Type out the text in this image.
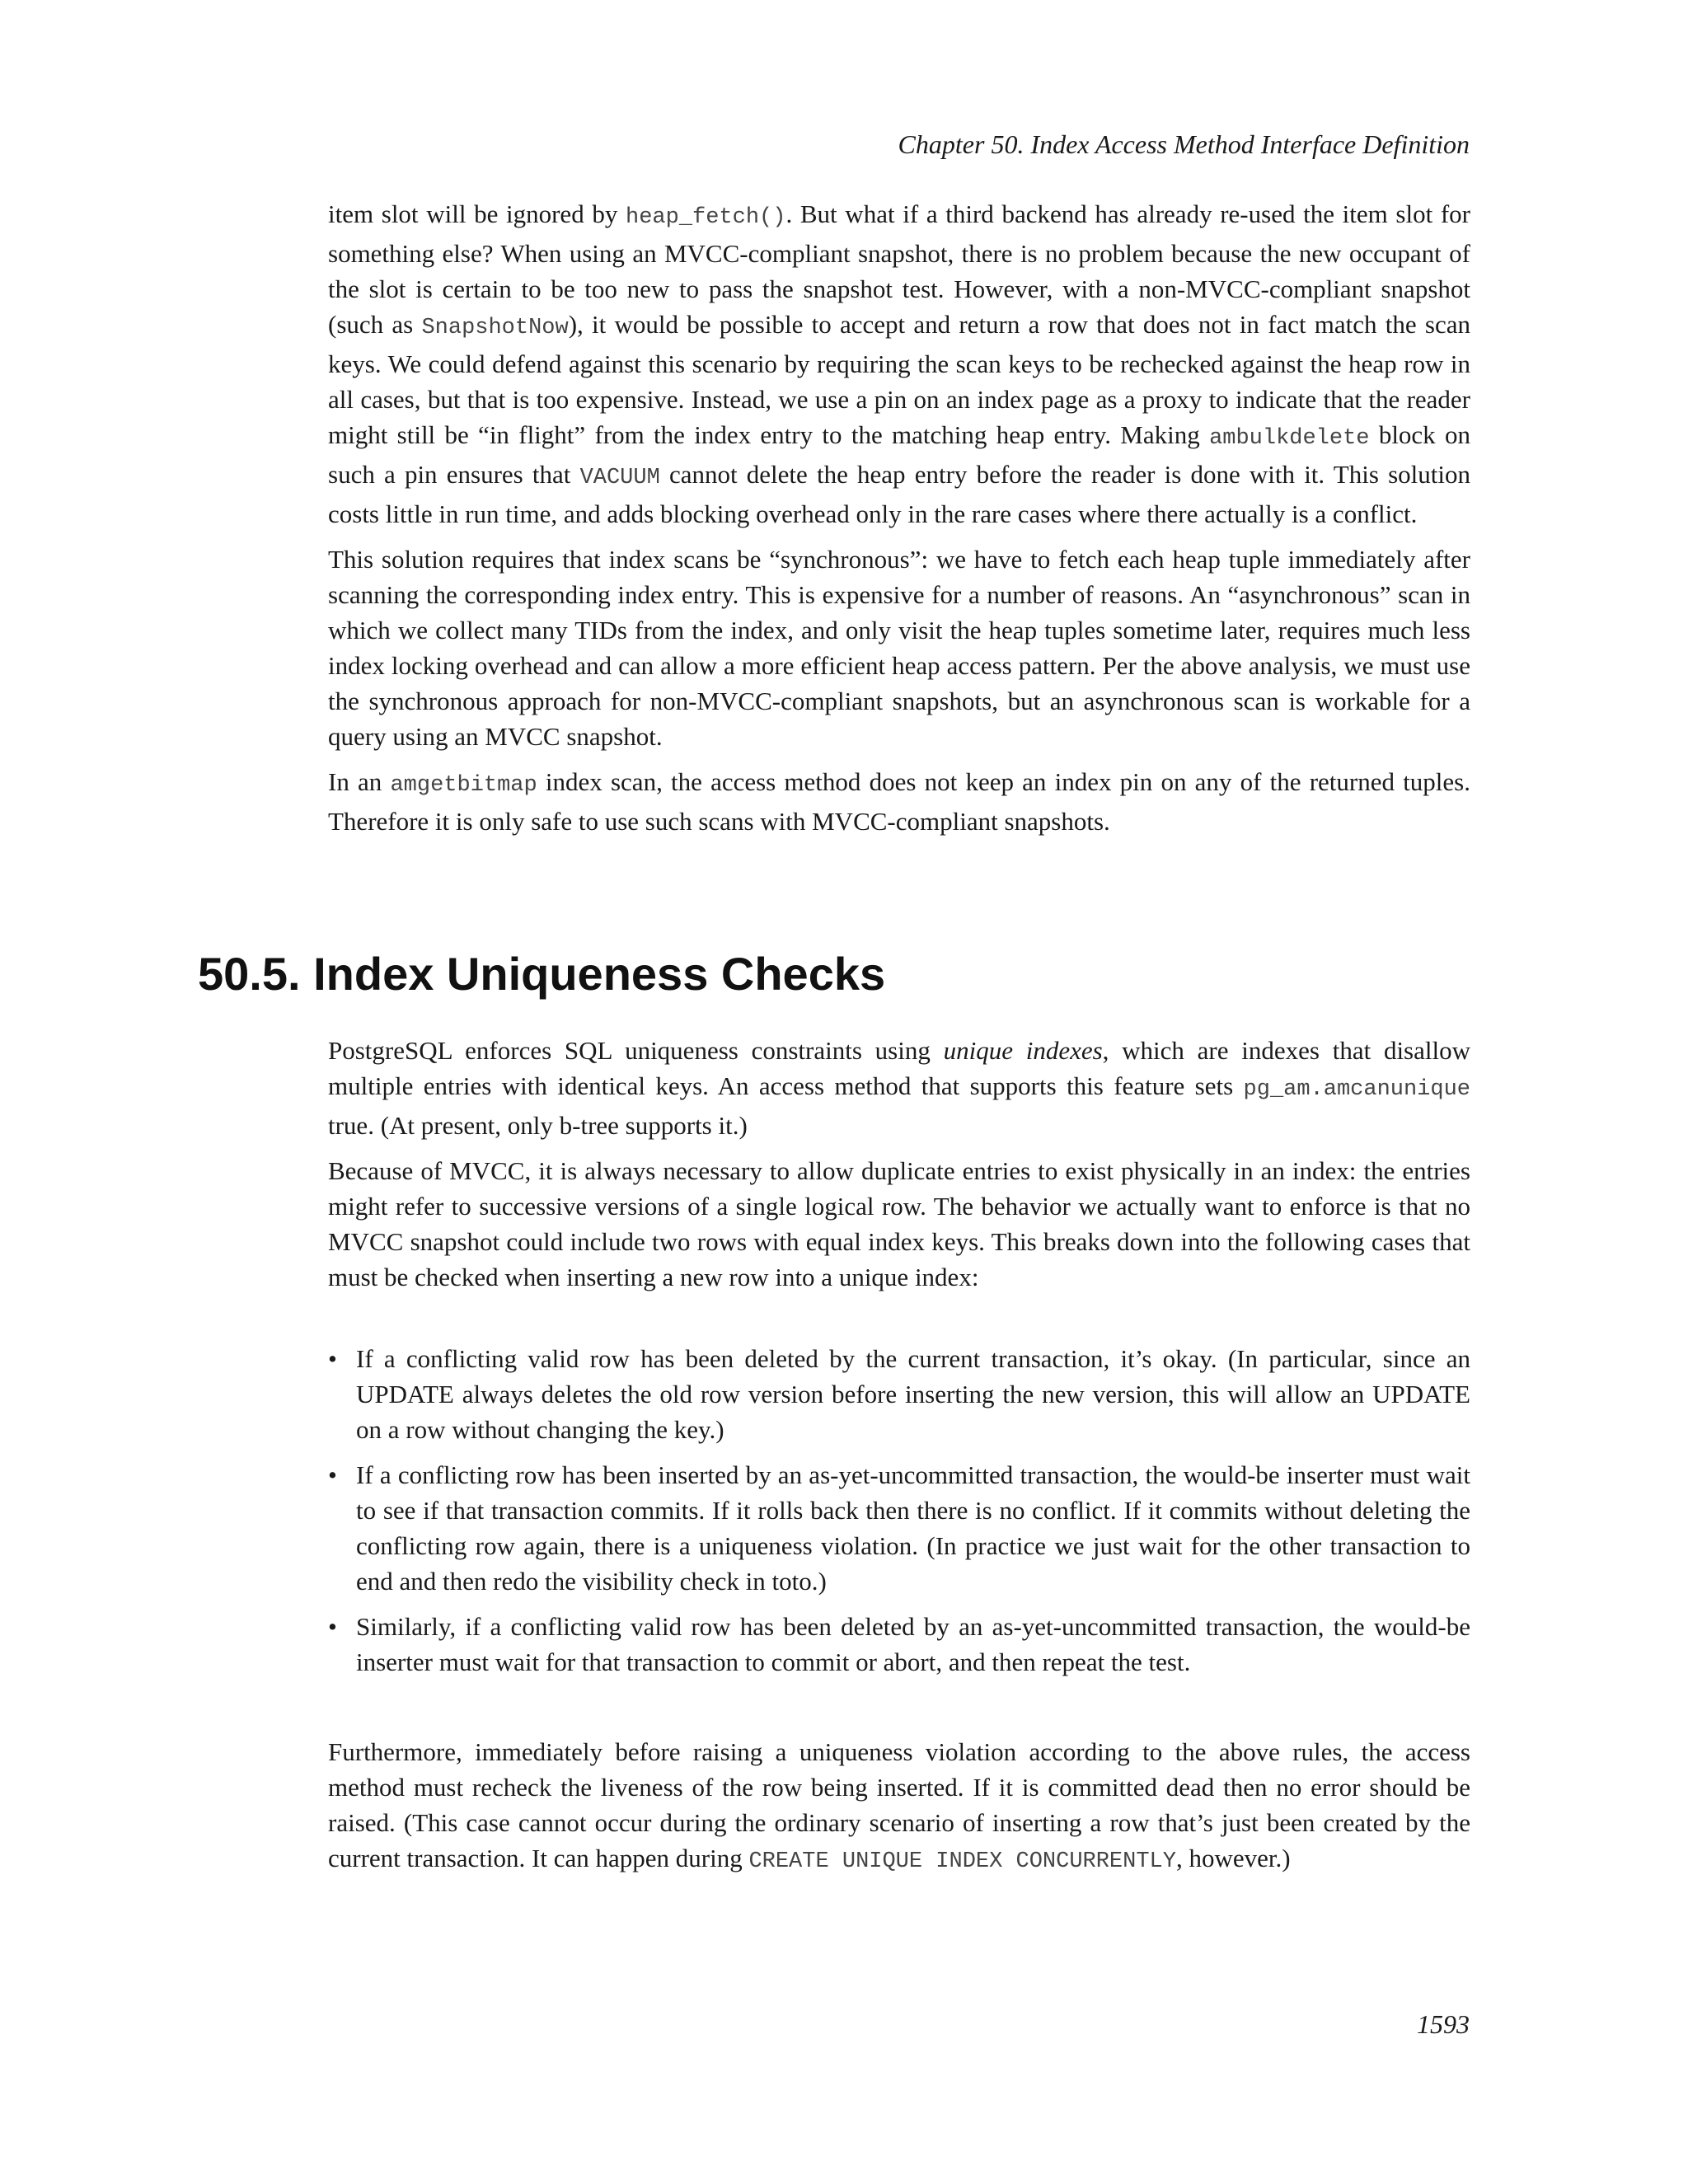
Chapter 50. Index Access Method Interface Definition

item slot will be ignored by heap_fetch(). But what if a third backend has already re-used the item slot for something else? When using an MVCC-compliant snapshot, there is no problem because the new occupant of the slot is certain to be too new to pass the snapshot test. However, with a non-MVCC-compliant snapshot (such as SnapshotNow), it would be possible to accept and return a row that does not in fact match the scan keys. We could defend against this scenario by requiring the scan keys to be rechecked against the heap row in all cases, but that is too expensive. Instead, we use a pin on an index page as a proxy to indicate that the reader might still be “in flight” from the index entry to the matching heap entry. Making ambulkdelete block on such a pin ensures that VACUUM cannot delete the heap entry before the reader is done with it. This solution costs little in run time, and adds blocking overhead only in the rare cases where there actually is a conflict.

This solution requires that index scans be “synchronous”: we have to fetch each heap tuple immediately after scanning the corresponding index entry. This is expensive for a number of reasons. An “asynchronous” scan in which we collect many TIDs from the index, and only visit the heap tuples sometime later, requires much less index locking overhead and can allow a more efficient heap access pattern. Per the above analysis, we must use the synchronous approach for non-MVCC-compliant snapshots, but an asynchronous scan is workable for a query using an MVCC snapshot.

In an amgetbitmap index scan, the access method does not keep an index pin on any of the returned tuples. Therefore it is only safe to use such scans with MVCC-compliant snapshots.

50.5. Index Uniqueness Checks

PostgreSQL enforces SQL uniqueness constraints using unique indexes, which are indexes that disallow multiple entries with identical keys. An access method that supports this feature sets pg_am.amcanunique true. (At present, only b-tree supports it.)

Because of MVCC, it is always necessary to allow duplicate entries to exist physically in an index: the entries might refer to successive versions of a single logical row. The behavior we actually want to enforce is that no MVCC snapshot could include two rows with equal index keys. This breaks down into the following cases that must be checked when inserting a new row into a unique index:

• If a conflicting valid row has been deleted by the current transaction, it’s okay. (In particular, since an UPDATE always deletes the old row version before inserting the new version, this will allow an UPDATE on a row without changing the key.)
• If a conflicting row has been inserted by an as-yet-uncommitted transaction, the would-be inserter must wait to see if that transaction commits. If it rolls back then there is no conflict. If it commits without deleting the conflicting row again, there is a uniqueness violation. (In practice we just wait for the other transaction to end and then redo the visibility check in toto.)
• Similarly, if a conflicting valid row has been deleted by an as-yet-uncommitted transaction, the would-be inserter must wait for that transaction to commit or abort, and then repeat the test.

Furthermore, immediately before raising a uniqueness violation according to the above rules, the access method must recheck the liveness of the row being inserted. If it is committed dead then no error should be raised. (This case cannot occur during the ordinary scenario of inserting a row that’s just been created by the current transaction. It can happen during CREATE UNIQUE INDEX CONCURRENTLY, however.)

1593
